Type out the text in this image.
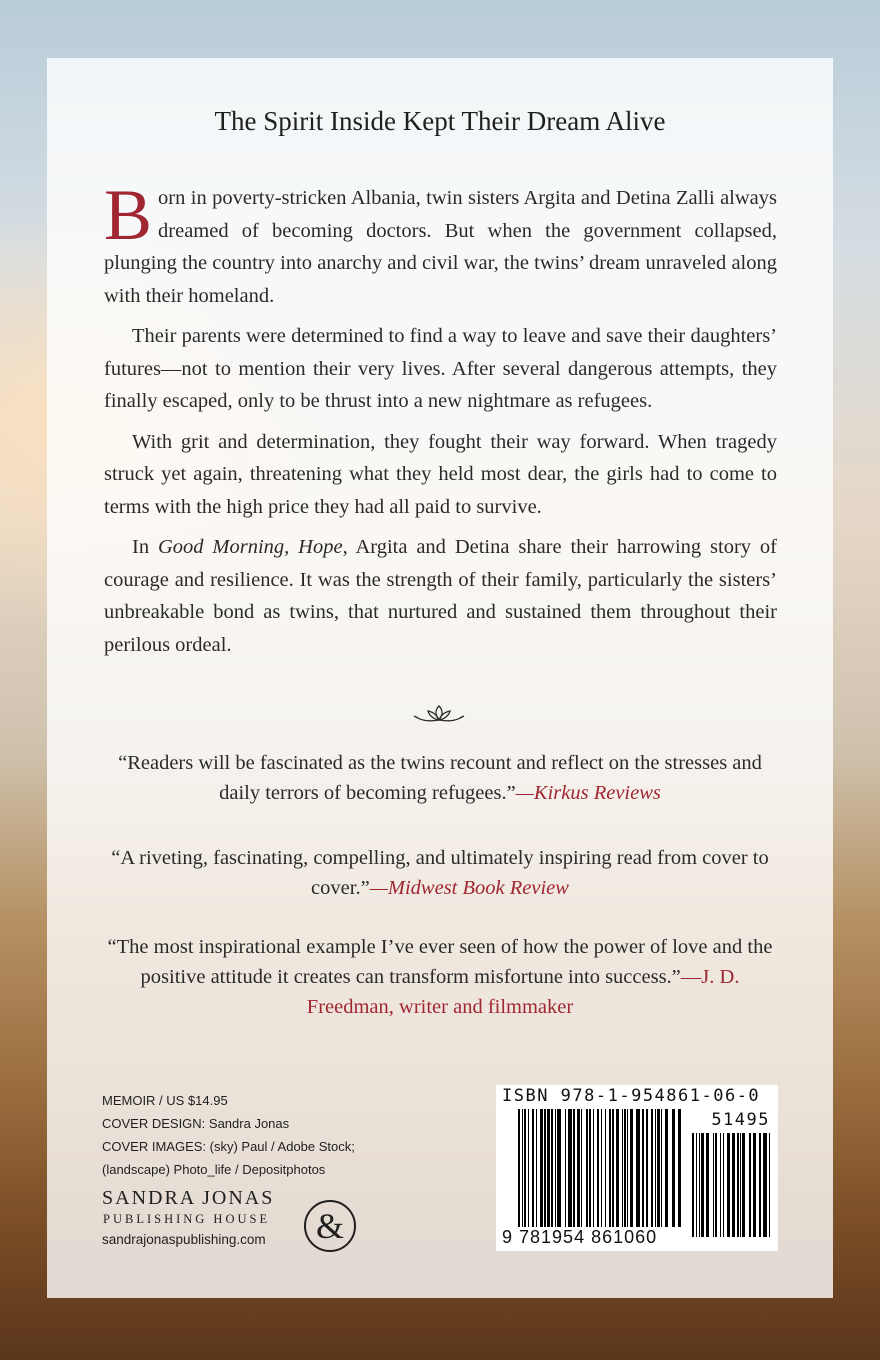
The Spirit Inside Kept Their Dream Alive

Born in poverty-stricken Albania, twin sisters Argita and Detina Zalli always dreamed of becoming doctors. But when the government collapsed, plunging the country into anarchy and civil war, the twins’ dream unraveled along with their homeland.

Their parents were determined to find a way to leave and save their daughters’ futures—not to mention their very lives. After several dangerous attempts, they finally escaped, only to be thrust into a new nightmare as refugees.

With grit and determination, they fought their way forward. When tragedy struck yet again, threatening what they held most dear, the girls had to come to terms with the high price they had all paid to survive.

In Good Morning, Hope, Argita and Detina share their harrowing story of courage and resilience. It was the strength of their family, particularly the sisters’ unbreakable bond as twins, that nurtured and sustained them throughout their perilous ordeal.

“Readers will be fascinated as the twins recount and reflect on the stresses and daily terrors of becoming refugees.”—Kirkus Reviews
“A riveting, fascinating, compelling, and ultimately inspiring read from cover to cover.”—Midwest Book Review
“The most inspirational example I’ve ever seen of how the power of love and the positive attitude it creates can transform misfortune into success.”—J. D. Freedman, writer and filmmaker
MEMOIR / US $14.95
COVER DESIGN: Sandra Jonas
COVER IMAGES: (sky) Paul / Adobe Stock;
(landscape) Photo_life / Depositphotos
SANDRA JONAS
PUBLISHING HOUSE
sandrajonaspublishing.com &
ISBN 978-1-954861-06-0
51495
9 781954 861060
